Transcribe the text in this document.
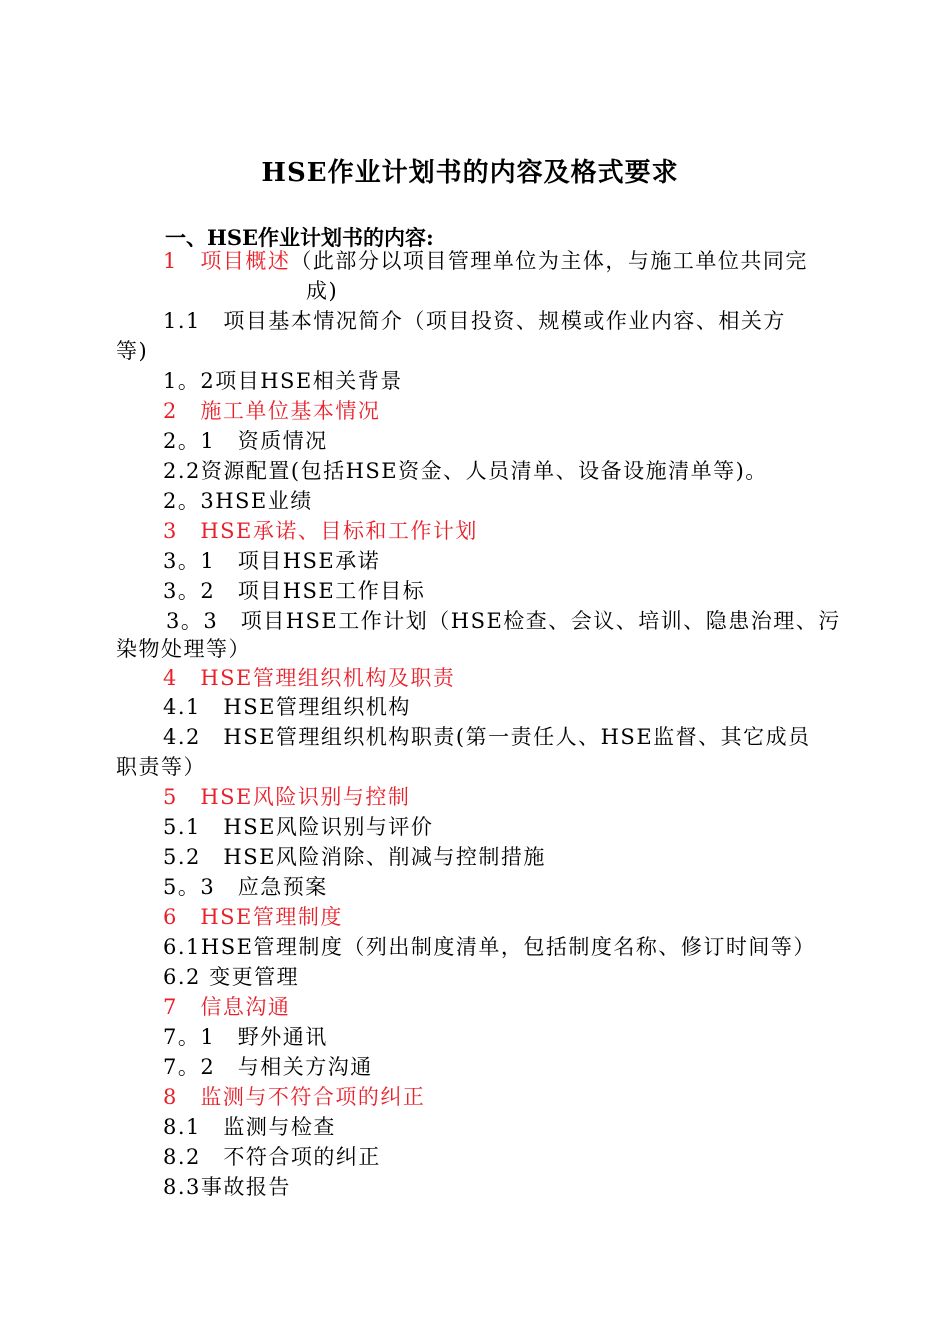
HSE作业计划书的内容及格式要求
一、HSE作业计划书的内容:
1　项目概述（此部分以项目管理单位为主体，与施工单位共同完
成)
1.1　项目基本情况简介（项目投资、规模或作业内容、相关方
等)
1。2项目HSE相关背景
2　施工单位基本情况
2。1　资质情况
2.2资源配置(包括HSE资金、人员清单、设备设施清单等)。
2。3HSE业绩
3　HSE承诺、目标和工作计划
3。1　项目HSE承诺
3。2　项目HSE工作目标
3。3　项目HSE工作计划（HSE检查、会议、培训、隐患治理、污
染物处理等）
4　HSE管理组织机构及职责
4.1　HSE管理组织机构
4.2　HSE管理组织机构职责(第一责任人、HSE监督、其它成员
职责等）
5　HSE风险识别与控制
5.1　HSE风险识别与评价
5.2　HSE风险消除、削减与控制措施
5。3　应急预案
6　HSE管理制度
6.1HSE管理制度（列出制度清单，包括制度名称、修订时间等）
6.2 变更管理
7　信息沟通
7。1　野外通讯
7。2　与相关方沟通
8　监测与不符合项的纠正
8.1　监测与检查
8.2　不符合项的纠正
8.3事故报告
